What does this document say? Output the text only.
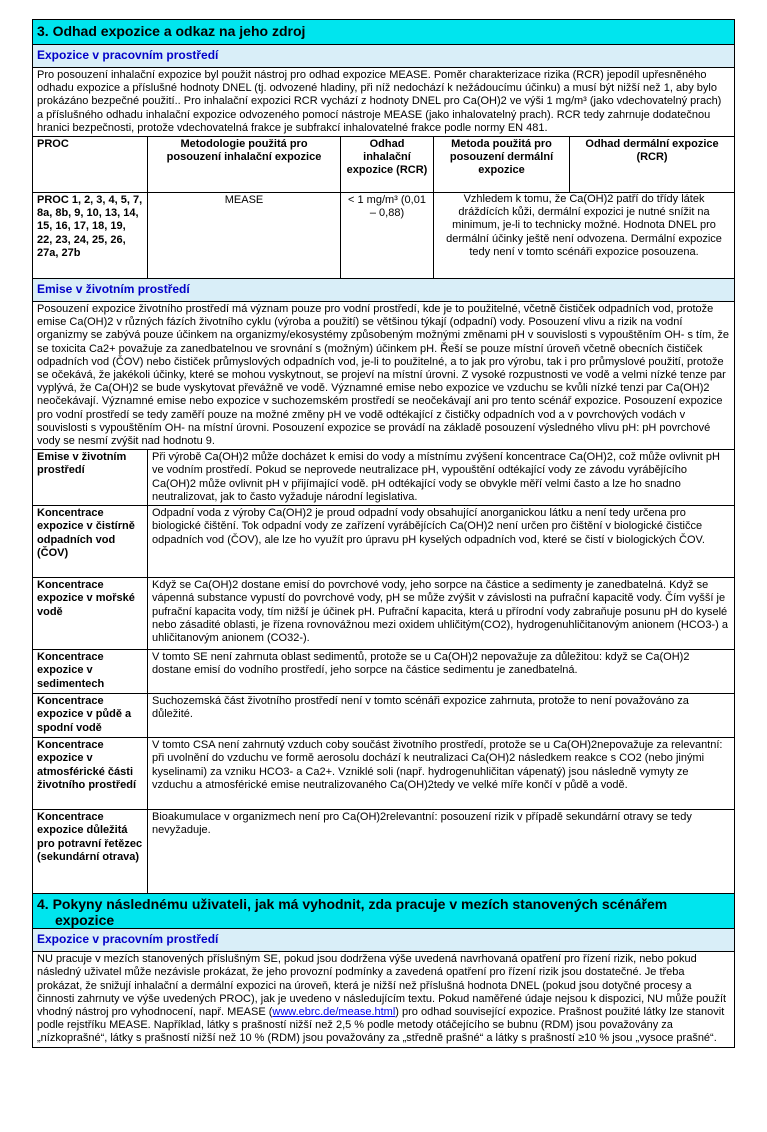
3. Odhad expozice a odkaz na jeho zdroj				
Expozice v pracovním prostředí				
Pro posouzení inhalační expozice byl použit nástroj pro odhad expozice MEASE. Poměr charakterizace rizika (RCR) jepodíl upřesněného odhadu expozice a příslušné hodnoty DNEL (tj. odvozené hladiny, při níž nedochází k nežádoucímu účinku) a musí být nižší než 1, aby bylo prokázáno bezpečné použití.. Pro inhalační expozici RCR vychází z hodnoty DNEL pro Ca(OH)2 ve výši 1 mg/m³ (jako vdechovatelný prach) a příslušného odhadu inhalační expozice odvozeného pomocí nástroje MEASE (jako inhalovatelný prach). RCR tedy zahrnuje dodatečnou hranici bezpečnosti, protože vdechovatelná frakce je subfrakcí inhalovatelné frakce podle normy EN 481.				
PROC	Metodologie použitá pro posouzení inhalační expozice	Odhad inhalační expozice (RCR)	Metoda použitá pro posouzení dermální expozice	Odhad dermální expozice (RCR)
PROC 1, 2, 3, 4, 5, 7, 8a, 8b, 9, 10, 13, 14, 15, 16, 17, 18, 19, 22, 23, 24, 25, 26, 27a, 27b	MEASE	< 1 mg/m³ (0,01 – 0,88)	Vzhledem k tomu, že Ca(OH)2 patří do třídy látek dráždících kůži, dermální expozici je nutné snížit na minimum, je-li to technicky možné. Hodnota DNEL pro dermální účinky ještě není odvozena. Dermální expozice tedy není v tomto scénáři expozice posouzena.	
Emise v životním prostředí				
Posouzení expozice životního prostředí má význam pouze pro vodní prostředí, kde je to použitelné, včetně čističek odpadních vod, protože emise Ca(OH)2 v různých fázích životního cyklu (výroba a použití) se většinou týkají (odpadní) vody. Posouzení vlivu a rizik na vodní organizmy se zabývá pouze účinkem na organizmy/ekosystémy způsobeným možnými změnami pH v souvislosti s vypouštěním OH- s tím, že se toxicita Ca2+ považuje za zanedbatelnou ve srovnání s (možným) účinkem pH. Řeší se pouze místní úroveň včetně obecních čističek odpadních vod (ČOV) nebo čističek průmyslových odpadních vod, je-li to použitelné, a to jak pro výrobu, tak i pro průmyslové použití, protože se očekává, že jakékoli účinky, které se mohou vyskytnout, se projeví na místní úrovni. Z vysoké rozpustnosti ve vodě a velmi nízké tenze par vyplývá, že Ca(OH)2 se bude vyskytovat převážně ve vodě. Významné emise nebo expozice ve vzduchu se kvůli nízké tenzi par Ca(OH)2 neočekávají. Významné emise nebo expozice v suchozemském prostředí se neočekávají ani pro tento scénář expozice. Posouzení expozice pro vodní prostředí se tedy zaměří pouze na možné změny pH ve vodě odtékající z čističky odpadních vod a v povrchových vodách v souvislosti s vypouštěním OH- na místní úrovni. Posouzení expozice se provádí na základě posouzení výsledného vlivu pH: pH povrchové vody se nesmí zvýšit nad hodnotu 9.				
Emise v životním prostředí	Při výrobě Ca(OH)2 může docházet k emisi do vody a místnímu zvýšení koncentrace Ca(OH)2, což může ovlivnit pH ve vodním prostředí. Pokud se neprovede neutralizace pH, vypouštění odtékající vody ze závodu vyrábějícího Ca(OH)2 může ovlivnit pH v přijímající vodě. pH odtékající vody se obvykle měří velmi často a lze ho snadno neutralizovat, jak to často vyžaduje národní legislativa.			
Koncentrace expozice v čistírně odpadních vod (ČOV)	Odpadní voda z výroby Ca(OH)2 je proud odpadní vody obsahující anorganickou látku a není tedy určena pro biologické čištění. Tok odpadní vody ze zařízení vyrábějících Ca(OH)2 není určen pro čištění v biologické čističce odpadních vod (ČOV), ale lze ho využít pro úpravu pH kyselých odpadních vod, které se čistí v biologických ČOV.			
Koncentrace expozice v mořské vodě	Když se Ca(OH)2 dostane emisí do povrchové vody, jeho sorpce na částice a sedimenty je zanedbatelná. Když se vápenná substance vypustí do povrchové vody, pH se může zvýšit v závislosti na pufrační kapacitě vody. Čím vyšší je pufrační kapacita vody, tím nižší je účinek pH. Pufrační kapacita, která u přírodní vody zabraňuje posunu pH do kyselé nebo zásadité oblasti, je řízena rovnovážnou mezi oxidem uhličitým(CO2), hydrogenuhličitanovým anionem (HCO3-) a uhličitanovým anionem (CO32-).			
Koncentrace expozice v sedimentech	V tomto SE není zahrnuta oblast sedimentů, protože se u Ca(OH)2 nepovažuje za důležitou: když se Ca(OH)2 dostane emisí do vodního prostředí, jeho sorpce na částice sedimentu je zanedbatelná.			
Koncentrace expozice v půdě a spodní vodě	Suchozemská část životního prostředí není v tomto scénáři expozice zahrnuta, protože to není považováno za důležité.			
Koncentrace expozice v atmosférické části životního prostředí	V tomto CSA není zahrnutý vzduch coby součást životního prostředí, protože se u Ca(OH)2nepovažuje za relevantní: při uvolnění do vzduchu ve formě aerosolu dochází k neutralizaci Ca(OH)2 následkem reakce s CO2 (nebo jinými kyselinami) za vzniku HCO3- a Ca2+. Vzniklé soli (např. hydrogenuhličitan vápenatý) jsou následně vymyty ze vzduchu a atmosférické emise neutralizovaného Ca(OH)2tedy ve velké míře končí v půdě a vodě.			
Koncentrace expozice důležitá pro potravní řetězec (sekundární otrava)	Bioakumulace v organizmech není pro Ca(OH)2relevantní: posouzení rizik v případě sekundární otravy se tedy nevyžaduje.			
4. Pokyny následnému uživateli, jak má vyhodnit, zda pracuje v mezích stanovených scénářem expozice				
Expozice v pracovním prostředí				
NU pracuje v mezích stanovených příslušným SE, pokud jsou dodržena výše uvedená navrhovaná opatření pro řízení rizik, nebo pokud následný uživatel může nezávisle prokázat, že jeho provozní podmínky a zavedená opatření pro řízení rizik jsou dostatečné. Je třeba prokázat, že snižují inhalační a dermální expozici na úroveň, která je nižší než příslušná hodnota DNEL (pokud jsou dotyčné procesy a činnosti zahrnuty ve výše uvedených PROC), jak je uvedeno v následujícím textu. Pokud naměřené údaje nejsou k dispozici, NU může použít vhodný nástroj pro vyhodnocení, např. MEASE (www.ebrc.de/mease.html) pro odhad související expozice. Prašnost použité látky lze stanovit podle rejstříku MEASE. Například, látky s prašností nižší než 2,5 % podle metody otáčejícího se bubnu (RDM) jsou považovány za „nízkoprašné“, látky s prašností nižší než 10 % (RDM) jsou považovány za „středně prašné“ a látky s prašností ≥10 % jsou „vysoce prašné“.				
